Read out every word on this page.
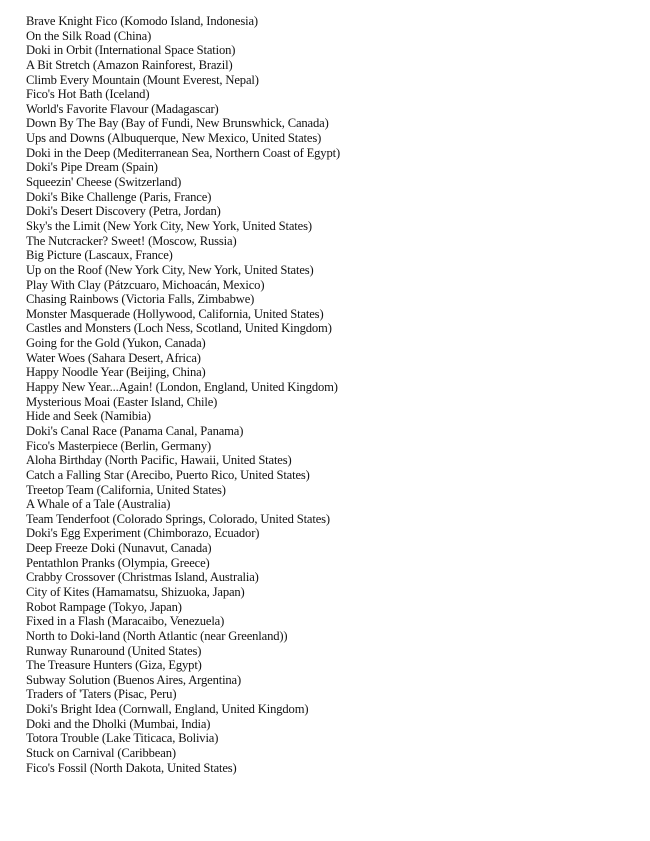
Brave Knight Fico (Komodo Island, Indonesia)
On the Silk Road (China)
Doki in Orbit (International Space Station)
A Bit Stretch (Amazon Rainforest, Brazil)
Climb Every Mountain (Mount Everest, Nepal)
Fico's Hot Bath (Iceland)
World's Favorite Flavour (Madagascar)
Down By The Bay (Bay of Fundi, New Brunswhick, Canada)
Ups and Downs (Albuquerque, New Mexico, United States)
Doki in the Deep (Mediterranean Sea, Northern Coast of Egypt)
Doki's Pipe Dream (Spain)
Squeezin' Cheese (Switzerland)
Doki's Bike Challenge (Paris, France)
Doki's Desert Discovery (Petra, Jordan)
Sky's the Limit (New York City, New York, United States)
The Nutcracker? Sweet! (Moscow, Russia)
Big Picture (Lascaux, France)
Up on the Roof (New York City, New York, United States)
Play With Clay (Pátzcuaro, Michoacán, Mexico)
Chasing Rainbows (Victoria Falls, Zimbabwe)
Monster Masquerade (Hollywood, California, United States)
Castles and Monsters (Loch Ness, Scotland, United Kingdom)
Going for the Gold (Yukon, Canada)
Water Woes (Sahara Desert, Africa)
Happy Noodle Year (Beijing, China)
Happy New Year...Again! (London, England, United Kingdom)
Mysterious Moai (Easter Island, Chile)
Hide and Seek (Namibia)
Doki's Canal Race (Panama Canal, Panama)
Fico's Masterpiece (Berlin, Germany)
Aloha Birthday (North Pacific, Hawaii, United States)
Catch a Falling Star (Arecibo, Puerto Rico, United States)
Treetop Team (California, United States)
A Whale of a Tale (Australia)
Team Tenderfoot (Colorado Springs, Colorado, United States)
Doki's Egg Experiment (Chimborazo, Ecuador)
Deep Freeze Doki (Nunavut, Canada)
Pentathlon Pranks (Olympia, Greece)
Crabby Crossover (Christmas Island, Australia)
City of Kites (Hamamatsu, Shizuoka, Japan)
Robot Rampage (Tokyo, Japan)
Fixed in a Flash (Maracaibo, Venezuela)
North to Doki-land (North Atlantic (near Greenland))
Runway Runaround (United States)
The Treasure Hunters (Giza, Egypt)
Subway Solution (Buenos Aires, Argentina)
Traders of 'Taters (Pisac, Peru)
Doki's Bright Idea (Cornwall, England, United Kingdom)
Doki and the Dholki (Mumbai, India)
Totora Trouble (Lake Titicaca, Bolivia)
Stuck on Carnival (Caribbean)
Fico's Fossil (North Dakota, United States)
